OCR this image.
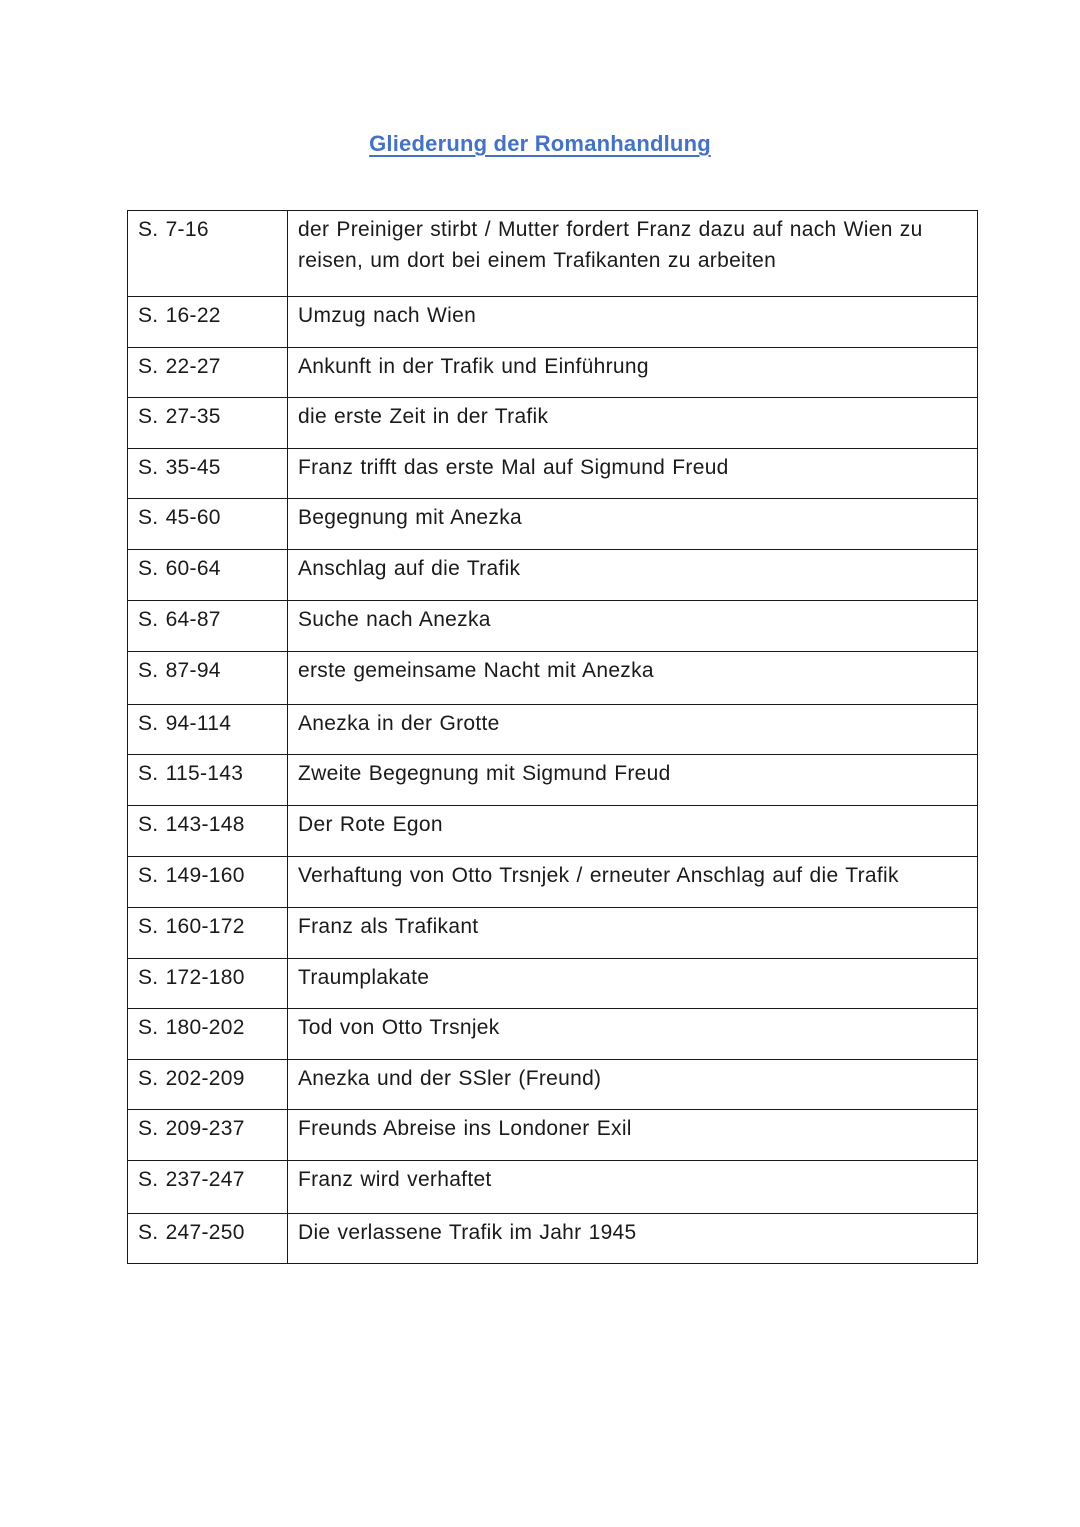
Gliederung der Romanhandlung
S. 7-16	der Preiniger stirbt / Mutter fordert Franz dazu auf nach Wien zu reisen, um dort bei einem Trafikanten zu arbeiten
S. 16-22	Umzug nach Wien
S. 22-27	Ankunft in der Trafik und Einführung
S. 27-35	die erste Zeit in der Trafik
S. 35-45	Franz trifft das erste Mal auf Sigmund Freud
S. 45-60	Begegnung mit Anezka
S. 60-64	Anschlag auf die Trafik
S. 64-87	Suche nach Anezka
S. 87-94	erste gemeinsame Nacht mit Anezka
S. 94-114	Anezka in der Grotte
S. 115-143	Zweite Begegnung mit Sigmund Freud
S. 143-148	Der Rote Egon
S. 149-160	Verhaftung von Otto Trsnjek / erneuter Anschlag auf die Trafik
S. 160-172	Franz als Trafikant
S. 172-180	Traumplakate
S. 180-202	Tod von Otto Trsnjek
S. 202-209	Anezka und der SSler (Freund)
S. 209-237	Freunds Abreise ins Londoner Exil
S. 237-247	Franz wird verhaftet
S. 247-250	Die verlassene Trafik im Jahr 1945
